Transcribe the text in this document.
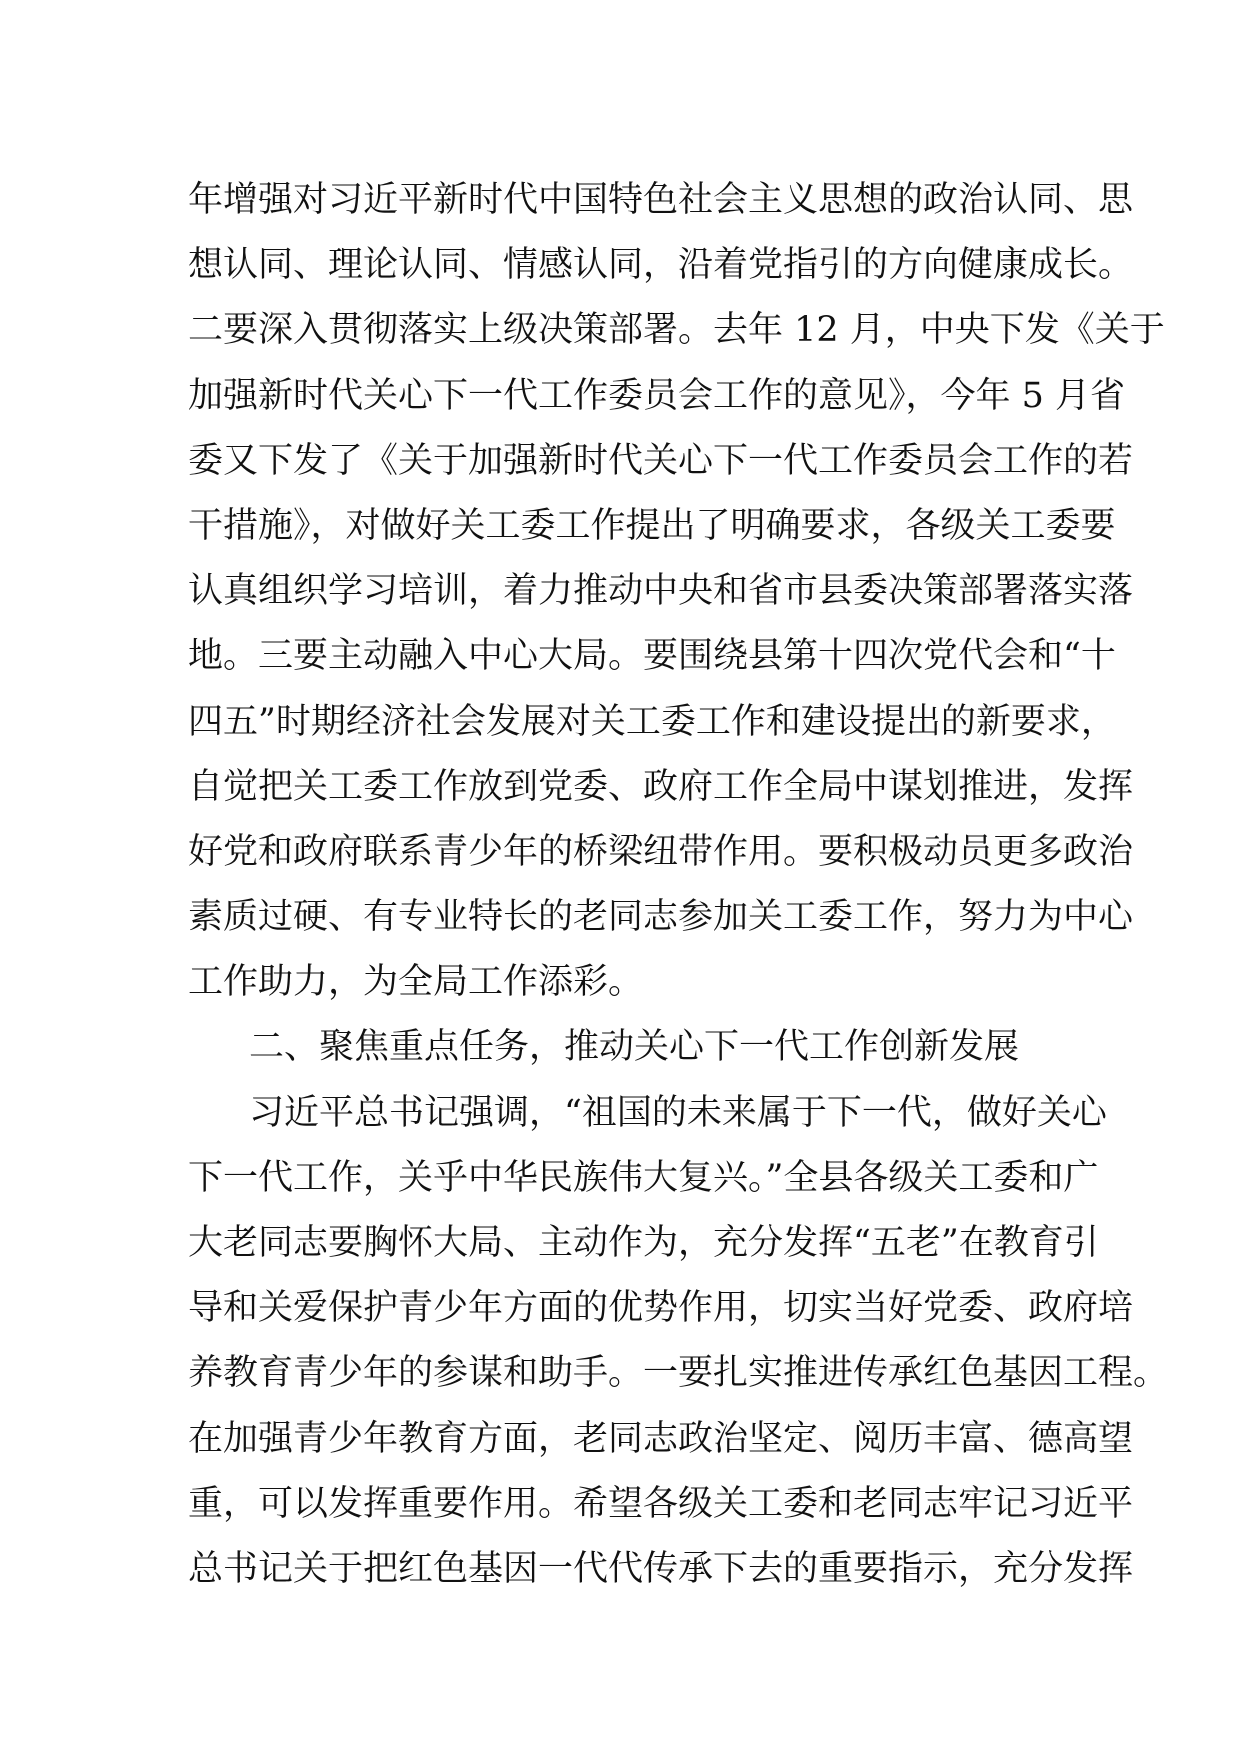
年增强对习近平新时代中国特色社会主义思想的政治认同、思
想认同、理论认同、情感认同，沿着党指引的方向健康成长。
二要深入贯彻落实上级决策部署。去年 12 月，中央下发《关于
加强新时代关心下一代工作委员会工作的意见》，今年 5 月省
委又下发了《关于加强新时代关心下一代工作委员会工作的若
干措施》，对做好关工委工作提出了明确要求，各级关工委要
认真组织学习培训，着力推动中央和省市县委决策部署落实落
地。三要主动融入中心大局。要围绕县第十四次党代会和“十
四五”时期经济社会发展对关工委工作和建设提出的新要求，
自觉把关工委工作放到党委、政府工作全局中谋划推进，发挥
好党和政府联系青少年的桥梁纽带作用。要积极动员更多政治
素质过硬、有专业特长的老同志参加关工委工作，努力为中心
工作助力，为全局工作添彩。
二、聚焦重点任务，推动关心下一代工作创新发展
习近平总书记强调，“祖国的未来属于下一代，做好关心
下一代工作，关乎中华民族伟大复兴。”全县各级关工委和广
大老同志要胸怀大局、主动作为，充分发挥“五老”在教育引
导和关爱保护青少年方面的优势作用，切实当好党委、政府培
养教育青少年的参谋和助手。一要扎实推进传承红色基因工程。
在加强青少年教育方面，老同志政治坚定、阅历丰富、德高望
重，可以发挥重要作用。希望各级关工委和老同志牢记习近平
总书记关于把红色基因一代代传承下去的重要指示，充分发挥
